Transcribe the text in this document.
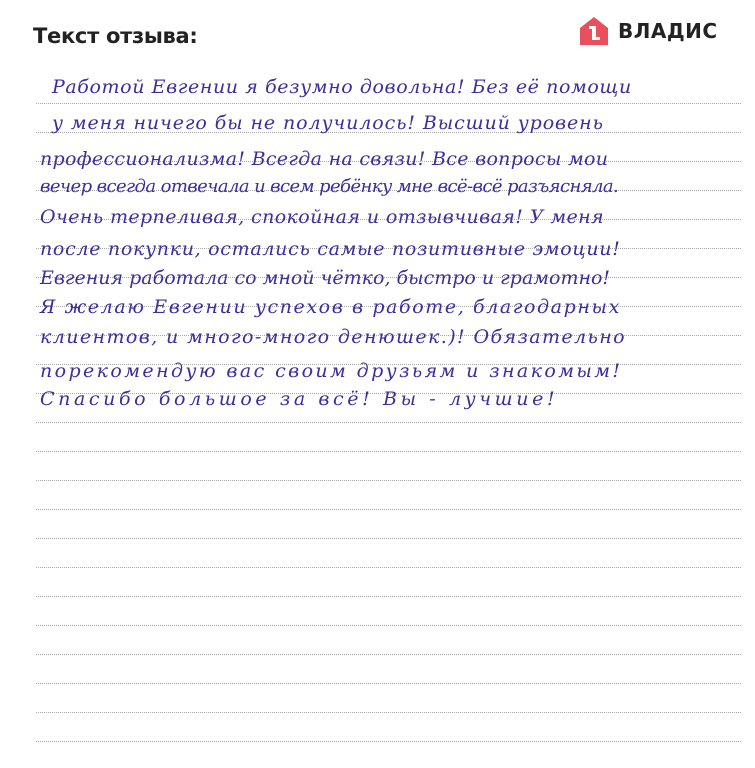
Текст отзыва:	ВЛАДИС
Работой Евгении я безумно довольна! Без её помощи
у меня ничего бы не получилось! Высший уровень
профессионализма! Всегда на связи! Все вопросы мои
вечер всегда отвечала и всем ребёнку мне всё-всё разъясняла.
Очень терпеливая, спокойная и отзывчивая! У меня
после покупки, остались самые позитивные эмоции!
Евгения работала со мной чётко, быстро и грамотно!
Я желаю Евгении успехов в работе, благодарных
клиентов, и много-много денюшек.)! Обязательно
порекомендую вас своим друзьям и знакомым!
Спасибо большое за всё! Вы - лучшие!
